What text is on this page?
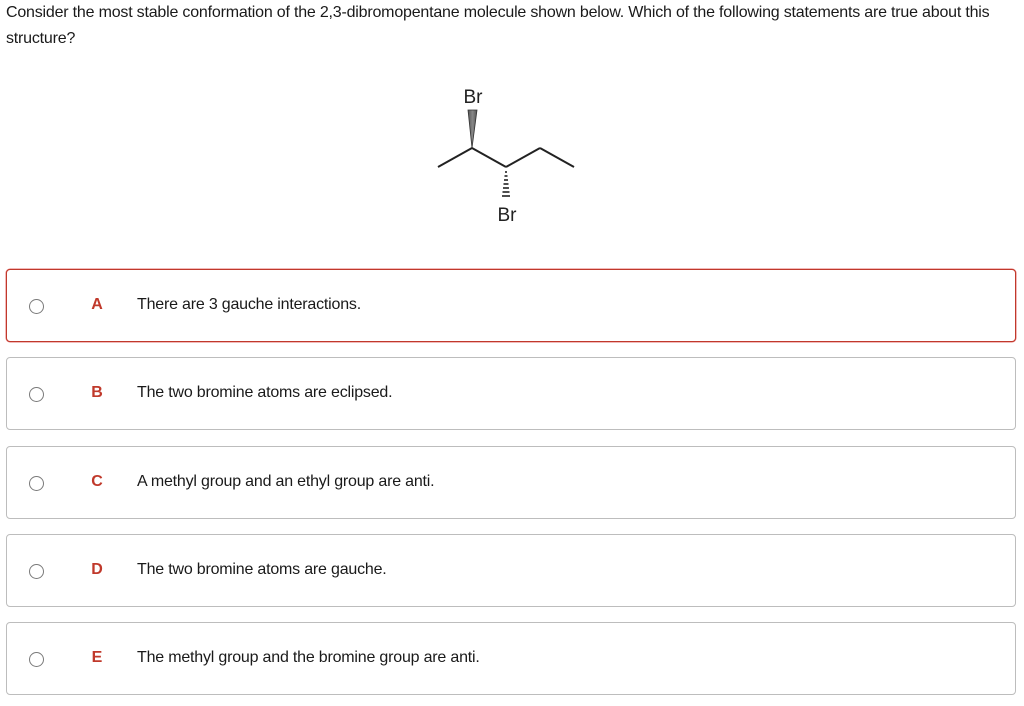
Consider the most stable conformation of the 2,3-dibromopentane molecule shown below. Which of the following statements are true about this structure?
Br
Br
A There are 3 gauche interactions.
B The two bromine atoms are eclipsed.
C A methyl group and an ethyl group are anti.
D The two bromine atoms are gauche.
E The methyl group and the bromine group are anti.
